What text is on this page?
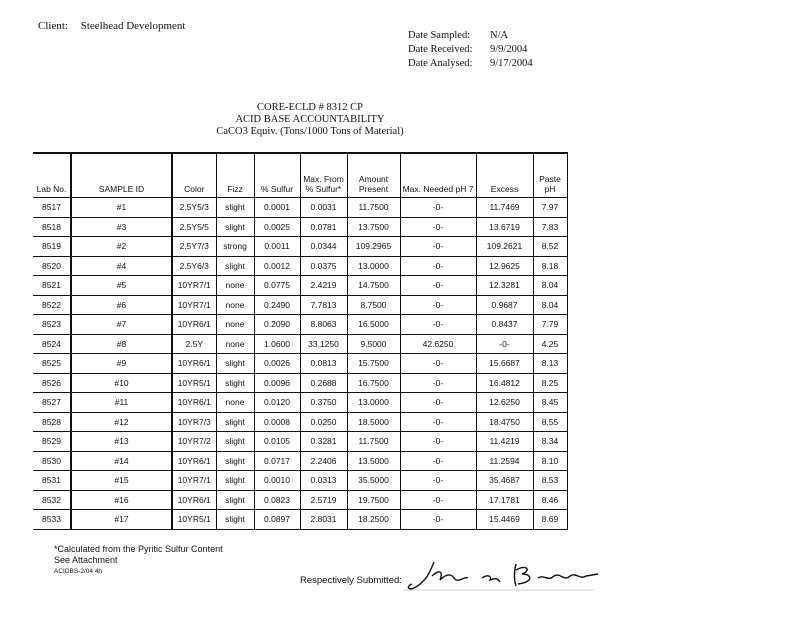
Client: Steelhead Development
Date Sampled:	N/A
Date Received:	9/9/2004
Date Analysed:	9/17/2004
CORE-ECLD # 8312 CP
ACID BASE ACCOUNTABILITY
CaCO3 Equiv. (Tons/1000 Tons of Material)
Lab No.	SAMPLE ID	Color	Fizz	% Sulfur	Max. From % Sulfur*	Amount Present	Max. Needed pH 7	Excess	Paste pH
8517	#1	2.5Y5/3	slight	0.0001	0.0031	11.7500	-0-	11.7469	7.97
8518	#3	2.5Y5/5	slight	0.0025	0.0781	13.7500	-0-	13.6719	7.83
8519	#2	2.5Y7/3	strong	0.0011	0.0344	109.2965	-0-	109.2621	8.52
8520	#4	2.5Y6/3	slight	0.0012	0.0375	13.0000	-0-	12.9625	8.18
8521	#5	10YR7/1	none	0.0775	2.4219	14.7500	-0-	12.3281	8.04
8522	#6	10YR7/1	none	0.2490	7.7813	8.7500	-0-	0.9687	8.04
8523	#7	10YR6/1	none	0.2090	8.8063	16.5000	-0-	0.8437	7.79
8524	#8	2.5Y	none	1.0600	33.1250	9.5000	42.6250	-0-	4.25
8525	#9	10YR6/1	slight	0.0026	0.0813	15.7500	-0-	15.6687	8.13
8526	#10	10YR5/1	slight	0.0096	0.2688	16.7500	-0-	16.4812	8.25
8527	#11	10YR6/1	none	0.0120	0.3750	13.0000	-0-	12.6250	8.45
8528	#12	10YR7/3	slight	0.0008	0.0250	18.5000	-0-	18.4750	8.55
8529	#13	10YR7/2	slight	0.0105	0.3281	11.7500	-0-	11.4219	8.34
8530	#14	10YR6/1	slight	0.0717	2.2406	13.5000	-0-	11.2594	8.10
8531	#15	10YR7/1	slight	0.0010	0.0313	35.5000	-0-	35.4687	8.53
8532	#16	10YR6/1	slight	0.0823	2.5719	19.7500	-0-	17.1781	8.46
8533	#17	10YR5/1	slight	0.0897	2.8031	18.2500	-0-	15.4469	8.69
*Calculated from the Pyritic Sulfur Content
See Attachment
ACIDBS-2/04 4h
Respectively Submitted:
